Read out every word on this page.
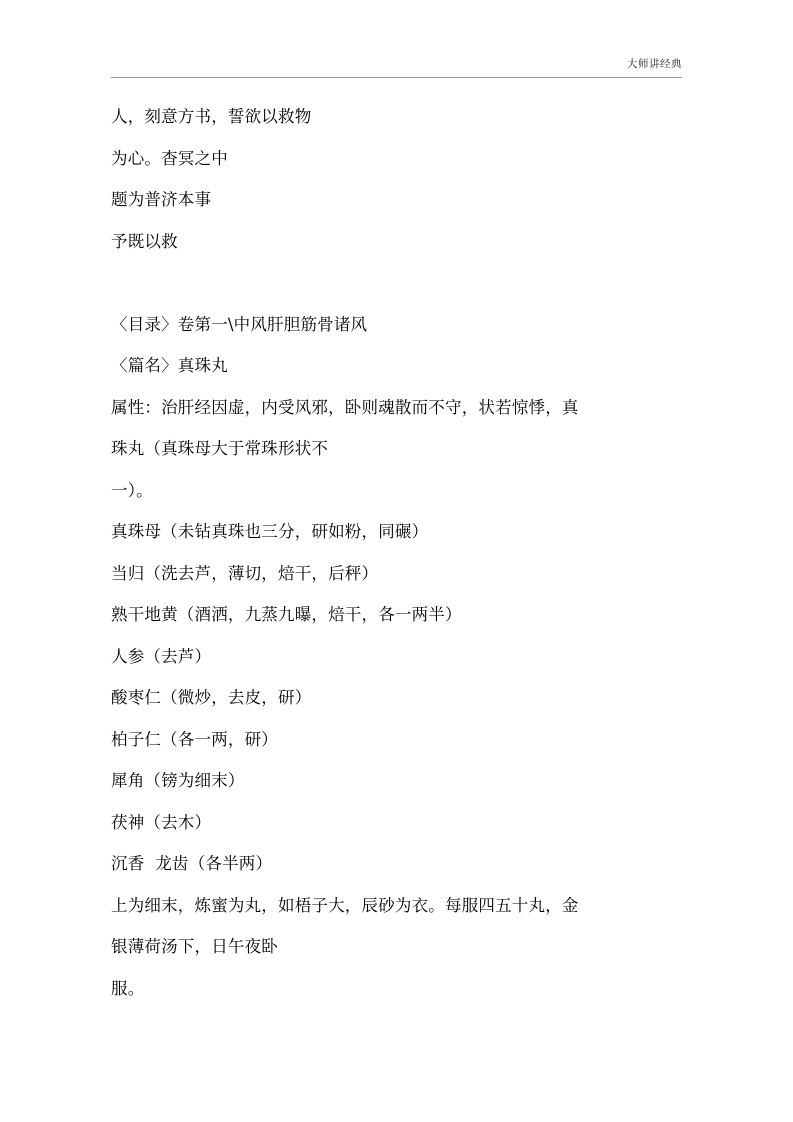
大师讲经典
人，刻意方书，誓欲以救物
为心。杳冥之中
题为普济本事
予既以救
〈目录〉卷第一\中风肝胆筋骨诸风
〈篇名〉真珠丸
属性：治肝经因虚，内受风邪，卧则魂散而不守，状若惊悸，真
珠丸（真珠母大于常珠形状不
一）。
真珠母（未钻真珠也三分，研如粉，同碾）
当归（洗去芦，薄切，焙干，后秤）
熟干地黄（酒洒，九蒸九曝，焙干，各一两半）
人参（去芦）
酸枣仁（微炒，去皮，研）
柏子仁（各一两，研）
犀角（镑为细末）
茯神（去木）
沉香  龙齿（各半两）
上为细末，炼蜜为丸，如梧子大，辰砂为衣。每服四五十丸，金
银薄荷汤下，日午夜卧
服。
